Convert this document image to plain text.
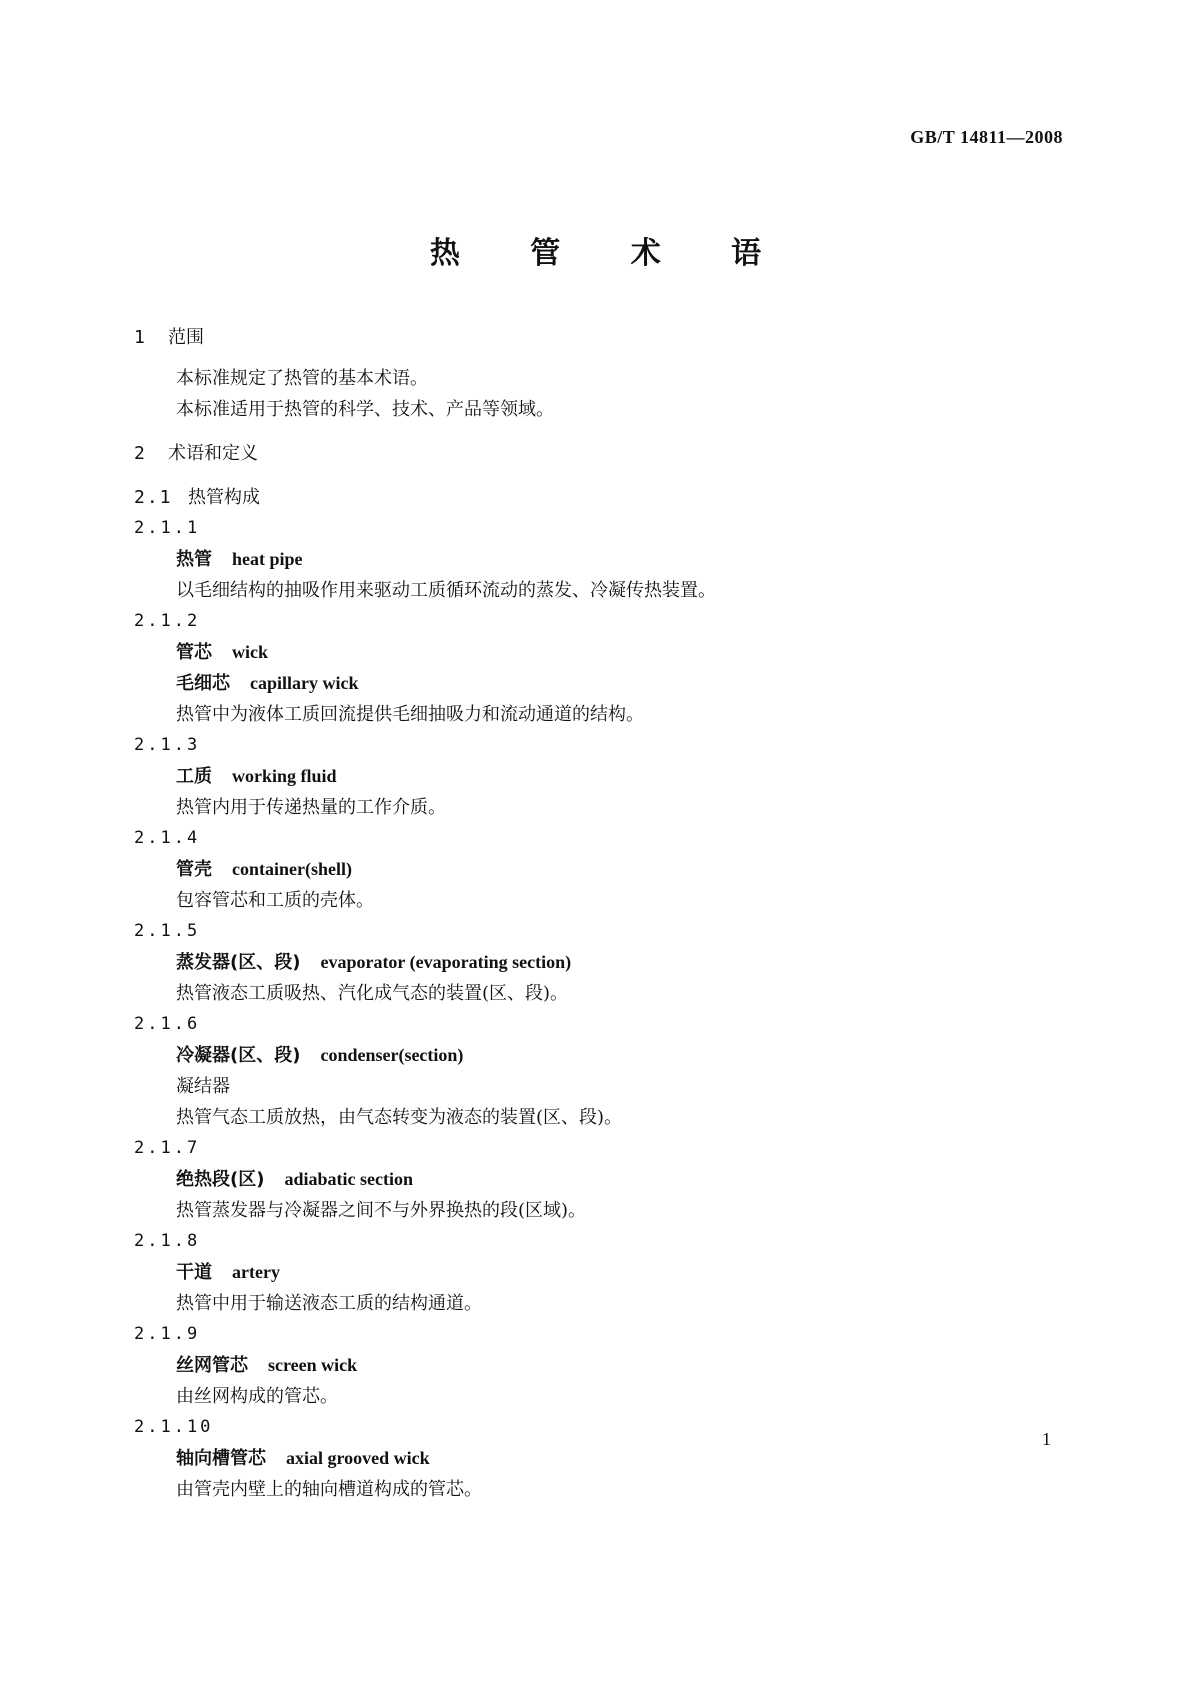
GB/T 14811—2008
热 管 术 语
1 范围
本标准规定了热管的基本术语。
本标准适用于热管的科学、技术、产品等领域。
2 术语和定义
2.1 热管构成
2.1.1
热管 heat pipe
以毛细结构的抽吸作用来驱动工质循环流动的蒸发、冷凝传热装置。
2.1.2
管芯 wick
毛细芯 capillary wick
热管中为液体工质回流提供毛细抽吸力和流动通道的结构。
2.1.3
工质 working fluid
热管内用于传递热量的工作介质。
2.1.4
管壳 container(shell)
包容管芯和工质的壳体。
2.1.5
蒸发器(区、段) evaporator (evaporating section)
热管液态工质吸热、汽化成气态的装置(区、段)。
2.1.6
冷凝器(区、段) condenser(section)
凝结器
热管气态工质放热，由气态转变为液态的装置(区、段)。
2.1.7
绝热段(区) adiabatic section
热管蒸发器与冷凝器之间不与外界换热的段(区域)。
2.1.8
干道 artery
热管中用于输送液态工质的结构通道。
2.1.9
丝网管芯 screen wick
由丝网构成的管芯。
2.1.10
轴向槽管芯 axial grooved wick
由管壳内壁上的轴向槽道构成的管芯。
1
